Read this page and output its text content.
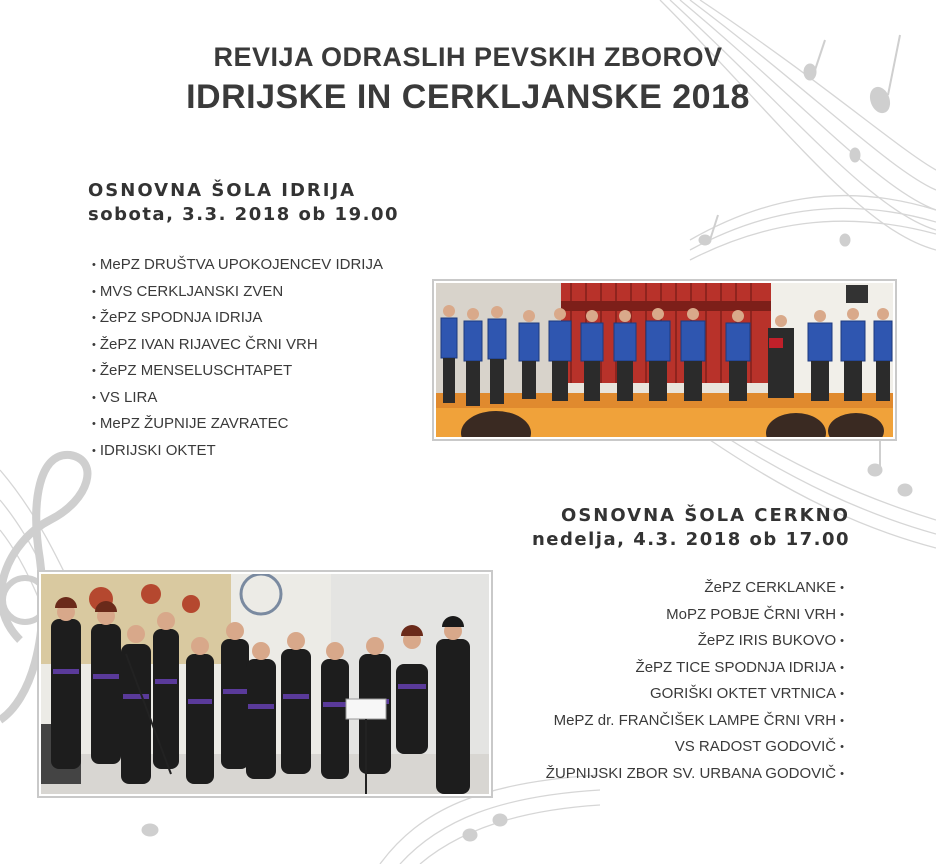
REVIJA ODRASLIH PEVSKIH ZBOROV
IDRIJSKE IN CERKLJANSKE 2018
OSNOVNA ŠOLA IDRIJA
sobota, 3.3. 2018 ob 19.00
• MePZ DRUŠTVA UPOKOJENCEV IDRIJA
• MVS CERKLJANSKI ZVEN
• ŽePZ SPODNJA IDRIJA
• ŽePZ IVAN RIJAVEC ČRNI VRH
• ŽePZ MENSELUSCHTAPET
• VS LIRA
• MePZ ŽUPNIJE ZAVRATEC
• IDRIJSKI OKTET
OSNOVNA ŠOLA CERKNO
nedelja, 4.3. 2018 ob 17.00
ŽePZ CERKLANKE •
MoPZ POBJE ČRNI VRH •
ŽePZ IRIS BUKOVO •
ŽePZ TICE SPODNJA IDRIJA •
GORIŠKI OKTET VRTNICA •
MePZ dr. FRANČIŠEK LAMPE ČRNI VRH •
VS RADOST GODOVIČ •
ŽUPNIJSKI ZBOR SV. URBANA GODOVIČ •
